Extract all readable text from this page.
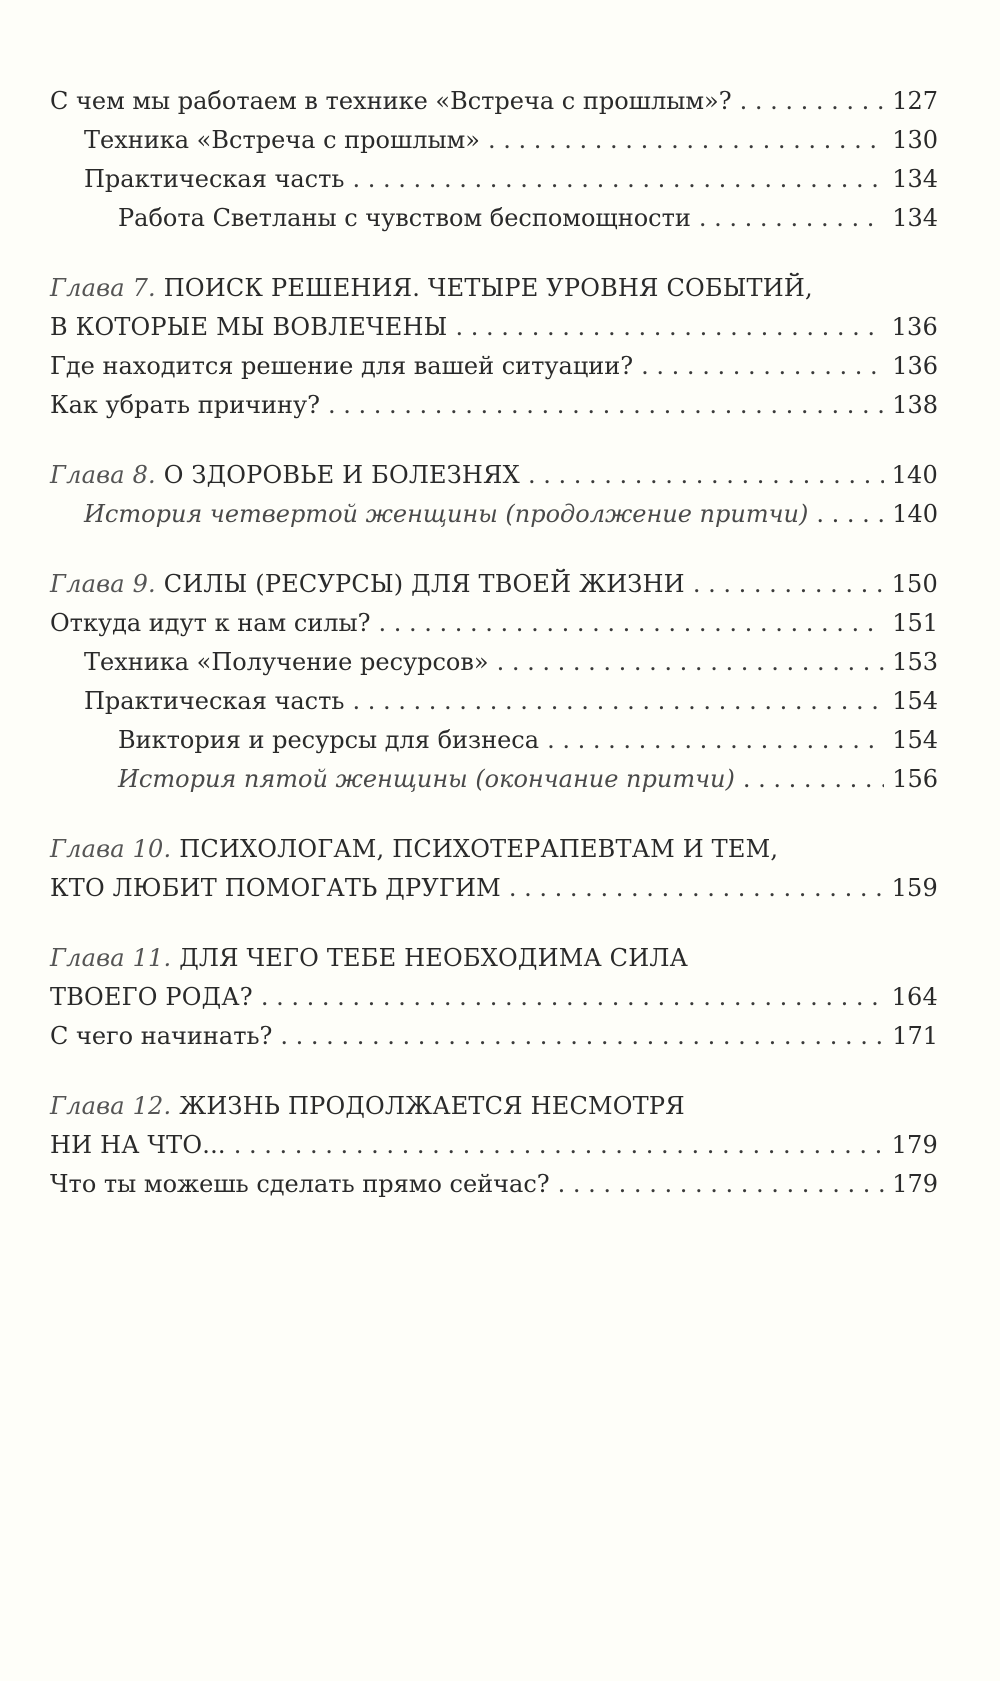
С чем мы работаем в технике «Встреча с прошлым»? . . .	127
Техника «Встреча с прошлым» . . .	130
Практическая часть . . .	134
Работа Светланы с чувством беспомощности . . .	134
Глава 7. ПОИСК РЕШЕНИЯ. ЧЕТЫРЕ УРОВНЯ СОБЫТИЙ,
В КОТОРЫЕ МЫ ВОВЛЕЧЕНЫ . . .	136
Где находится решение для вашей ситуации? . . .	136
Как убрать причину? . . .	138
Глава 8. О ЗДОРОВЬЕ И БОЛЕЗНЯХ . . .	140
История четвертой женщины (продолжение притчи) . . .	140
Глава 9. СИЛЫ (РЕСУРСЫ) ДЛЯ ТВОЕЙ ЖИЗНИ . . .	150
Откуда идут к нам силы? . . .	151
Техника «Получение ресурсов» . . .	153
Практическая часть . . .	154
Виктория и ресурсы для бизнеса . . .	154
История пятой женщины (окончание притчи) . . .	156
Глава 10. ПСИХОЛОГАМ, ПСИХОТЕРАПЕВТАМ И ТЕМ,
КТО ЛЮБИТ ПОМОГАТЬ ДРУГИМ . . .	159
Глава 11. ДЛЯ ЧЕГО ТЕБЕ НЕОБХОДИМА СИЛА
ТВОЕГО РОДА? . . .	164
С чего начинать? . . .	171
Глава 12. ЖИЗНЬ ПРОДОЛЖАЕТСЯ НЕСМОТРЯ
НИ НА ЧТО... . . .	179
Что ты можешь сделать прямо сейчас? . . .	179
